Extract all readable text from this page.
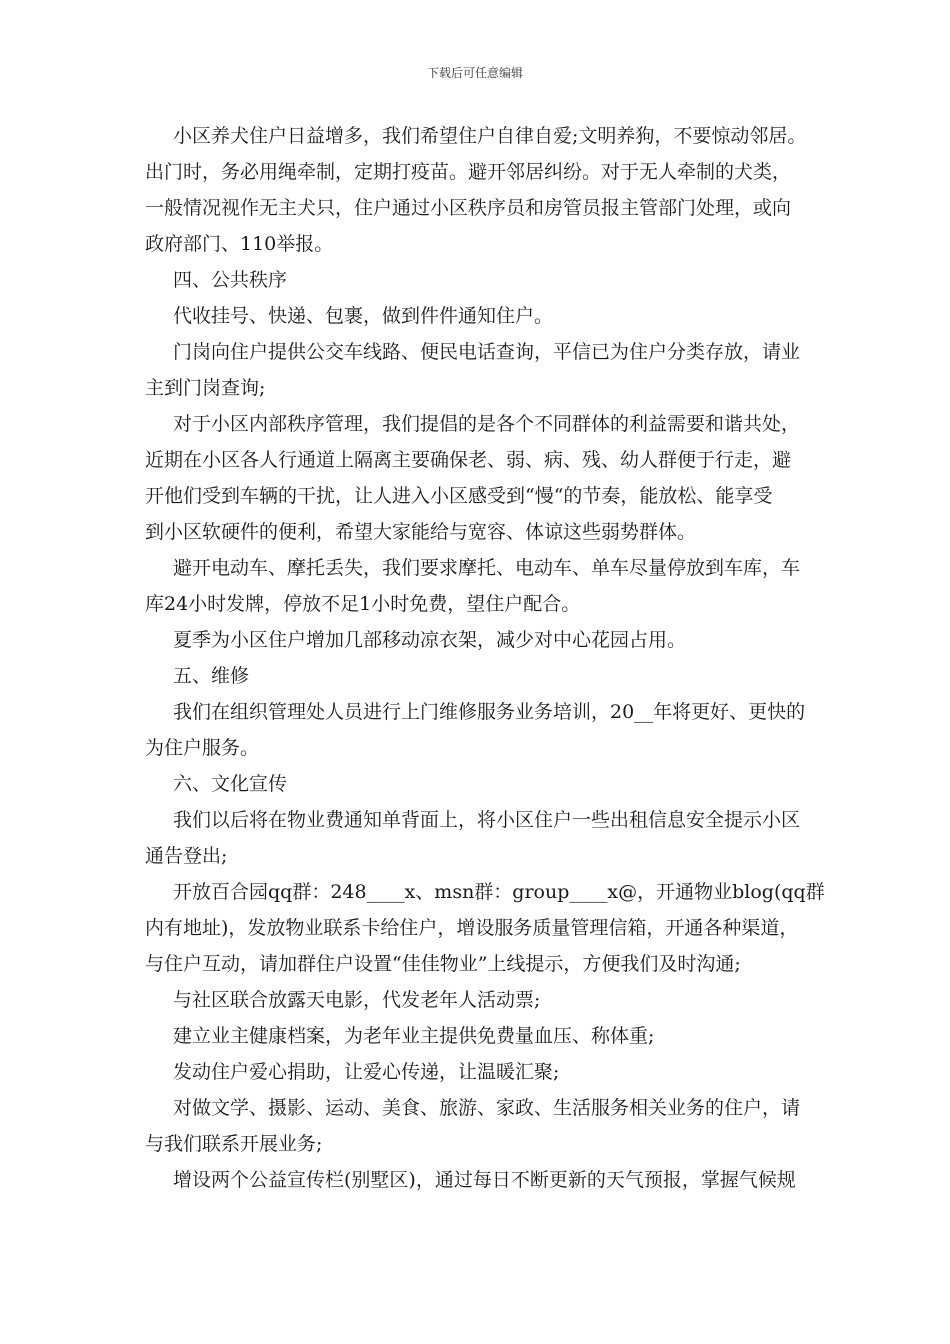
下载后可任意编辑
小区养犬住户日益增多，我们希望住户自律自爱;文明养狗，不要惊动邻居。
出门时，务必用绳牵制，定期打疫苗。避开邻居纠纷。对于无人牵制的犬类，
一般情况视作无主犬只，住户通过小区秩序员和房管员报主管部门处理，或向
政府部门、110举报。
四、公共秩序
代收挂号、快递、包裹，做到件件通知住户。
门岗向住户提供公交车线路、便民电话查询，平信已为住户分类存放，请业
主到门岗查询;
对于小区内部秩序管理，我们提倡的是各个不同群体的利益需要和谐共处，
近期在小区各人行通道上隔离主要确保老、弱、病、残、幼人群便于行走，避
开他们受到车辆的干扰，让人进入小区感受到“慢“的节奏，能放松、能享受
到小区软硬件的便利，希望大家能给与宽容、体谅这些弱势群体。
避开电动车、摩托丢失，我们要求摩托、电动车、单车尽量停放到车库，车
库24小时发牌，停放不足1小时免费，望住户配合。
夏季为小区住户增加几部移动凉衣架，减少对中心花园占用。
五、维修
我们在组织管理处人员进行上门维修服务业务培训，20__年将更好、更快的
为住户服务。
六、文化宣传
我们以后将在物业费通知单背面上，将小区住户一些出租信息安全提示小区
通告登出;
开放百合园qq群：248____x、msn群：group____x@，开通物业blog(qq群
内有地址)，发放物业联系卡给住户，增设服务质量管理信箱，开通各种渠道，
与住户互动，请加群住户设置“佳佳物业”上线提示，方便我们及时沟通;
与社区联合放露天电影，代发老年人活动票;
建立业主健康档案，为老年业主提供免费量血压、称体重;
发动住户爱心捐助，让爱心传递，让温暖汇聚;
对做文学、摄影、运动、美食、旅游、家政、生活服务相关业务的住户，请
与我们联系开展业务;
增设两个公益宣传栏(别墅区)，通过每日不断更新的天气预报，掌握气候规
